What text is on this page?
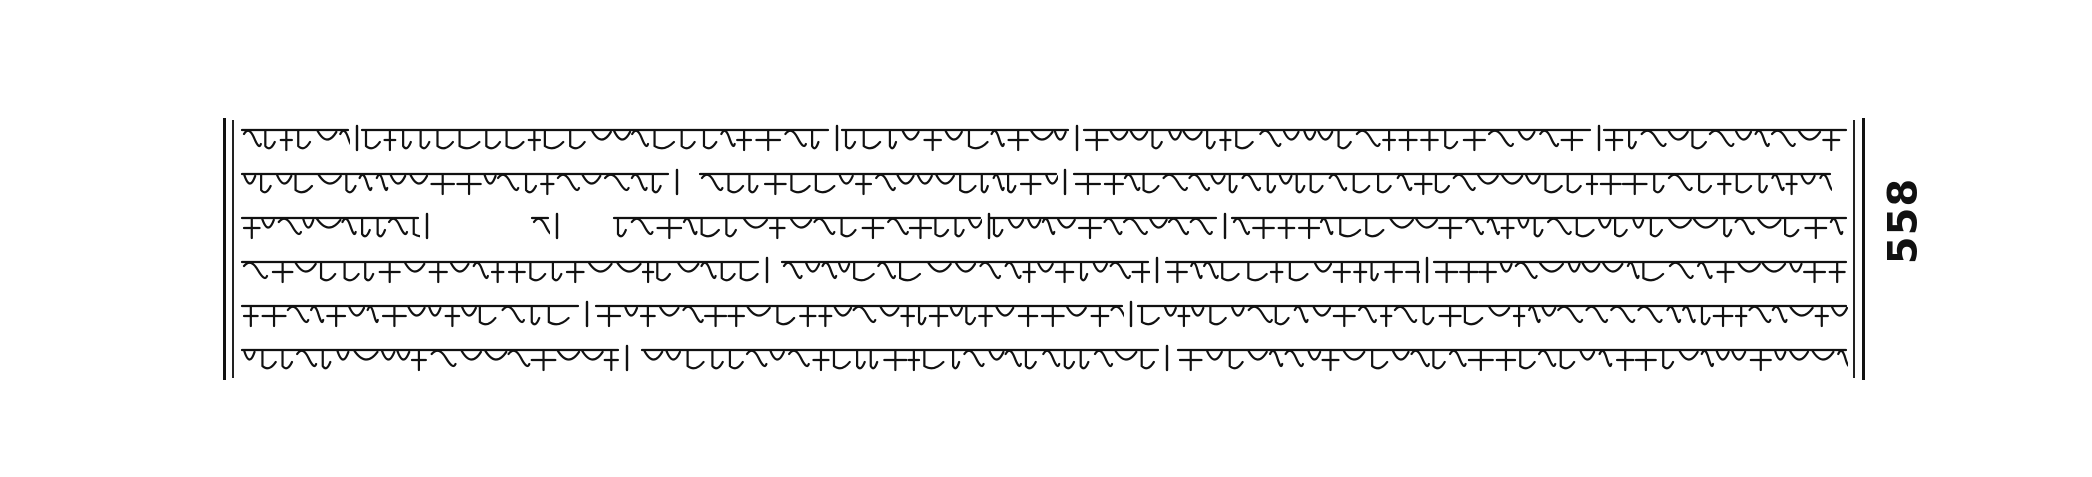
558
